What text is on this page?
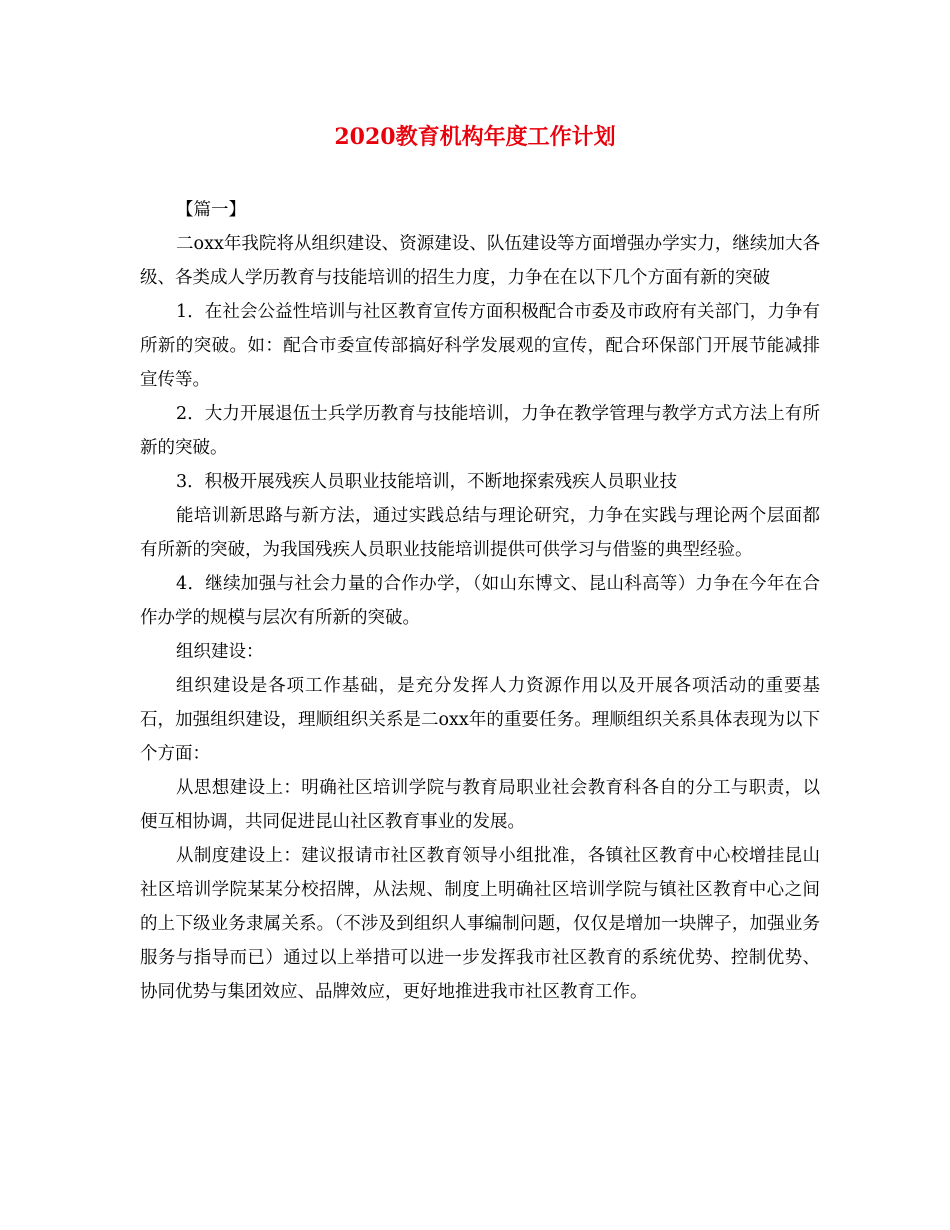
2020教育机构年度工作计划

【篇一】

二oxx年我院将从组织建设、资源建设、队伍建设等方面增强办学实力，继续加大各级、各类成人学历教育与技能培训的招生力度，力争在在以下几个方面有新的突破

1．在社会公益性培训与社区教育宣传方面积极配合市委及市政府有关部门，力争有所新的突破。如：配合市委宣传部搞好科学发展观的宣传，配合环保部门开展节能减排宣传等。

2．大力开展退伍士兵学历教育与技能培训，力争在教学管理与教学方式方法上有所新的突破。

3．积极开展残疾人员职业技能培训，不断地探索残疾人员职业技

能培训新思路与新方法，通过实践总结与理论研究，力争在实践与理论两个层面都有所新的突破，为我国残疾人员职业技能培训提供可供学习与借鉴的典型经验。

4．继续加强与社会力量的合作办学，（如山东博文、昆山科高等）力争在今年在合作办学的规模与层次有所新的突破。

组织建设：

组织建设是各项工作基础，是充分发挥人力资源作用以及开展各项活动的重要基石，加强组织建设，理顺组织关系是二oxx年的重要任务。理顺组织关系具体表现为以下个方面：

从思想建设上：明确社区培训学院与教育局职业社会教育科各自的分工与职责，以便互相协调，共同促进昆山社区教育事业的发展。

从制度建设上：建议报请市社区教育领导小组批准，各镇社区教育中心校增挂昆山社区培训学院某某分校招牌，从法规、制度上明确社区培训学院与镇社区教育中心之间的上下级业务隶属关系。（不涉及到组织人事编制问题，仅仅是增加一块牌子，加强业务服务与指导而已）通过以上举措可以进一步发挥我市社区教育的系统优势、控制优势、协同优势与集团效应、品牌效应，更好地推进我市社区教育工作。
